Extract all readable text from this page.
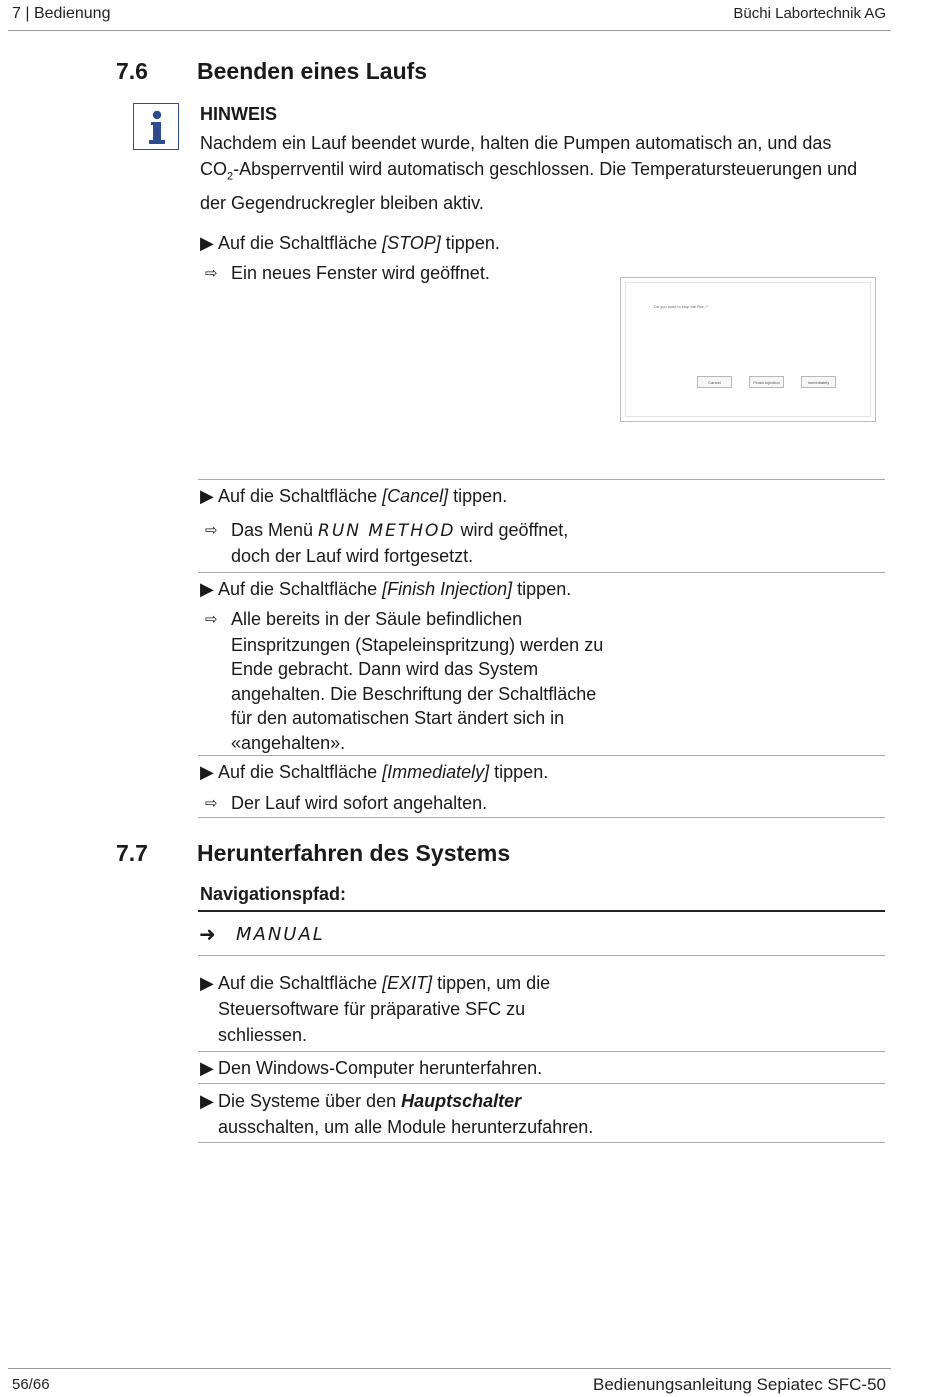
7 | Bedienung	Büchi Labortechnik AG
7.6 Beenden eines Laufs
HINWEIS
Nachdem ein Lauf beendet wurde, halten die Pumpen automatisch an, und das
$CO_2$-Absperrventil wird automatisch geschlossen. Die Temperatursteuerungen und
der Gegendruckregler bleiben aktiv.
▶ Auf die Schaltfläche [STOP] tippen.
⇨ Ein neues Fenster wird geöffnet.
Do you want to stop the Run ?
Cancel	Finish Injection	Immediately
▶ Auf die Schaltfläche [Cancel] tippen.
⇨ Das Menü RUN METHOD wird geöffnet,
doch der Lauf wird fortgesetzt.
▶ Auf die Schaltfläche [Finish Injection] tippen.
⇨ Alle bereits in der Säule befindlichen
Einspritzungen (Stapeleinspritzung) werden zu
Ende gebracht. Dann wird das System
angehalten. Die Beschriftung der Schaltfläche
für den automatischen Start ändert sich in
«angehalten».
▶ Auf die Schaltfläche [Immediately] tippen.
⇨ Der Lauf wird sofort angehalten.
7.7 Herunterfahren des Systems
Navigationspfad:
➜ MANUAL
▶ Auf die Schaltfläche [EXIT] tippen, um die
Steuersoftware für präparative SFC zu
schliessen.
▶ Den Windows-Computer herunterfahren.
▶ Die Systeme über den Hauptschalter
ausschalten, um alle Module herunterzufahren.
56/66	Bedienungsanleitung Sepiatec SFC-50
